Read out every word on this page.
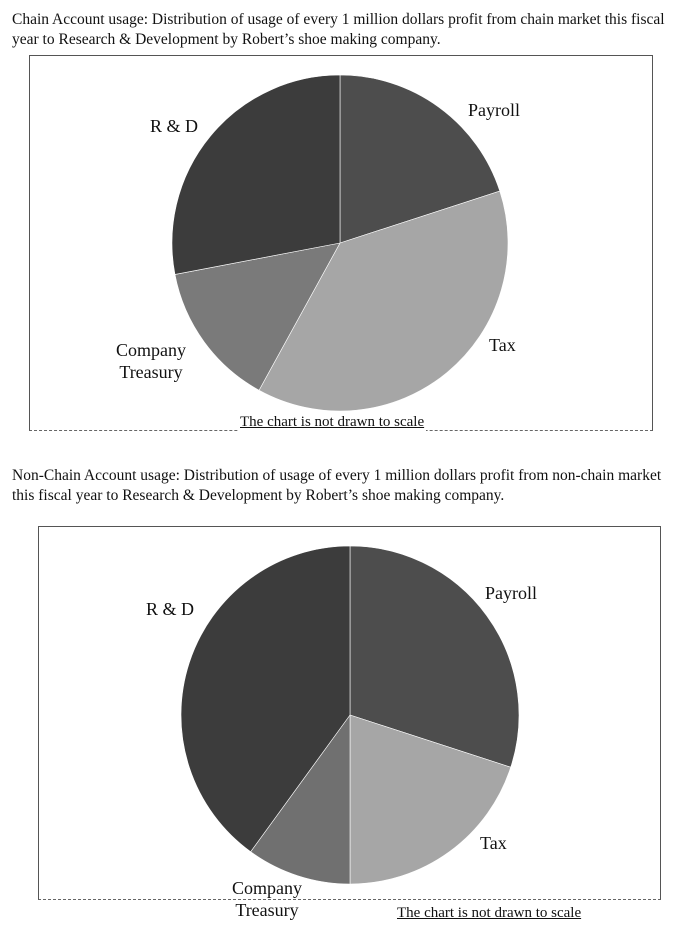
Chain Account usage: Distribution of usage of every 1 million dollars profit from chain market this fiscal year to Research & Development by Robert’s shoe making company.
Payroll
Tax
Company
Treasury
R & D
The chart is not drawn to scale
Non-Chain Account usage: Distribution of usage of every 1 million dollars profit from non-chain market this fiscal year to Research & Development by Robert’s shoe making company.
Payroll
Tax
Company
Treasury
R & D
The chart is not drawn to scale
